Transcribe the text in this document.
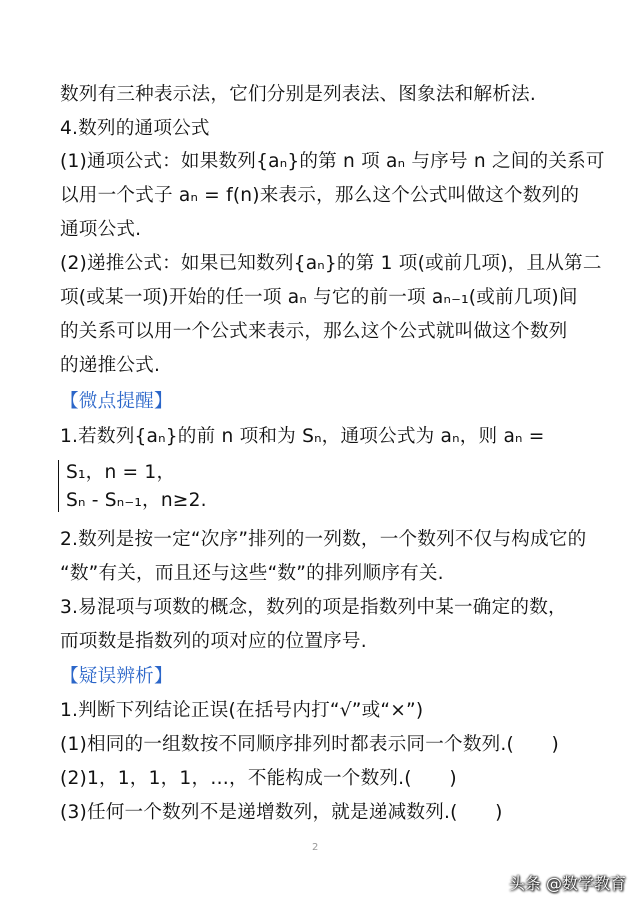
数列有三种表示法，它们分别是列表法、图象法和解析法.
4.数列的通项公式
(1)通项公式：如果数列{aₙ}的第 n 项 aₙ 与序号 n 之间的关系可
以用一个式子 aₙ = f(n)来表示，那么这个公式叫做这个数列的
通项公式.
(2)递推公式：如果已知数列{aₙ}的第 1 项(或前几项)，且从第二
项(或某一项)开始的任一项 aₙ 与它的前一项 aₙ₋₁(或前几项)间
的关系可以用一个公式来表示，那么这个公式就叫做这个数列
的递推公式.
【微点提醒】
1.若数列{aₙ}的前 n 项和为 Sₙ，通项公式为 aₙ，则 aₙ =
S₁，n = 1，
Sₙ - Sₙ₋₁，n≥2.
2.数列是按一定“次序”排列的一列数，一个数列不仅与构成它的
“数”有关，而且还与这些“数”的排列顺序有关.
3.易混项与项数的概念，数列的项是指数列中某一确定的数，
而项数是指数列的项对应的位置序号.
【疑误辨析】
1.判断下列结论正误(在括号内打“√”或“×”)
(1)相同的一组数按不同顺序排列时都表示同一个数列.(　　)
(2)1，1，1，1，…，不能构成一个数列.(　　)
(3)任何一个数列不是递增数列，就是递减数列.(　　)
2
头条 @数学教育
